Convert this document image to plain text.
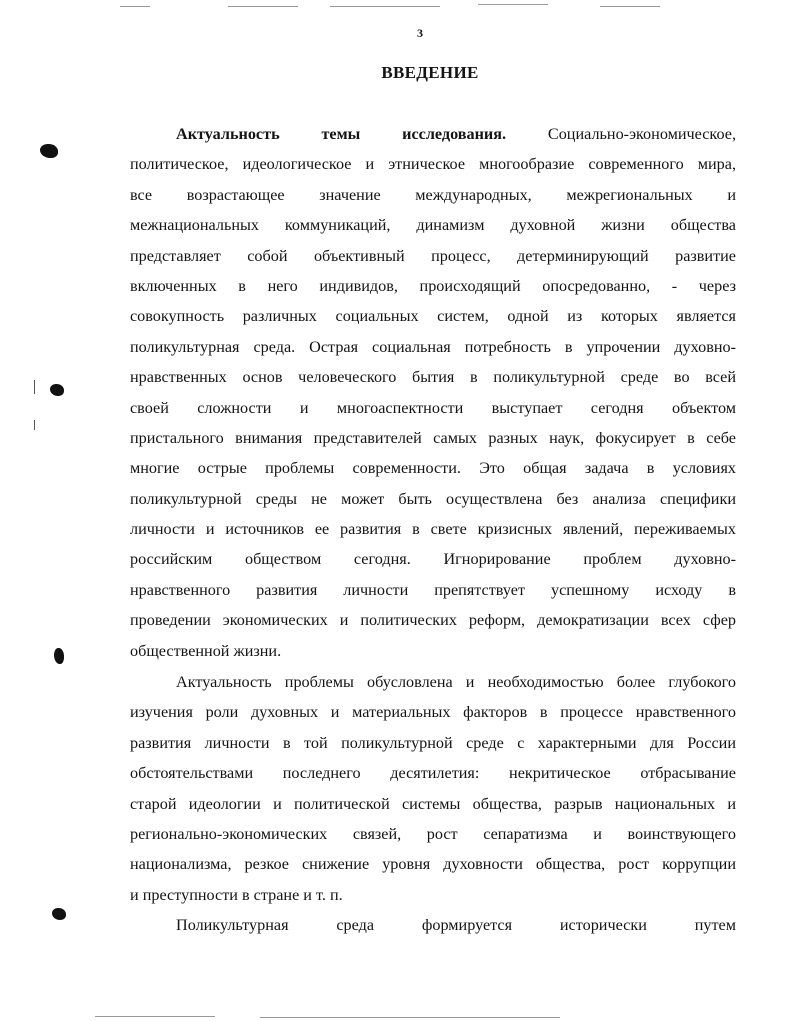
3
ВВЕДЕНИЕ

Актуальность темы исследования. Социально-экономическое,
политическое, идеологическое и этническое многообразие современного мира,
все возрастающее значение международных, межрегиональных и
межнациональных коммуникаций, динамизм духовной жизни общества
представляет собой объективный процесс, детерминирующий развитие
включенных в него индивидов, происходящий опосредованно, - через
совокупность различных социальных систем, одной из которых является
поликультурная среда. Острая социальная потребность в упрочении духовно-
нравственных основ человеческого бытия в поликультурной среде во всей
своей сложности и многоаспектности выступает сегодня объектом
пристального внимания представителей самых разных наук, фокусирует в себе
многие острые проблемы современности. Это общая задача в условиях
поликультурной среды не может быть осуществлена без анализа специфики
личности и источников ее развития в свете кризисных явлений, переживаемых
российским обществом сегодня. Игнорирование проблем духовно-
нравственного развития личности препятствует успешному исходу в
проведении экономических и политических реформ, демократизации всех сфер
общественной жизни.

Актуальность проблемы обусловлена и необходимостью более глубокого
изучения роли духовных и материальных факторов в процессе нравственного
развития личности в той поликультурной среде с характерными для России
обстоятельствами последнего десятилетия: некритическое отбрасывание
старой идеологии и политической системы общества, разрыв национальных и
регионально-экономических связей, рост сепаратизма и воинствующего
национализма, резкое снижение уровня духовности общества, рост коррупции
и преступности в стране и т. п.

Поликультурная среда формируется исторически путем
